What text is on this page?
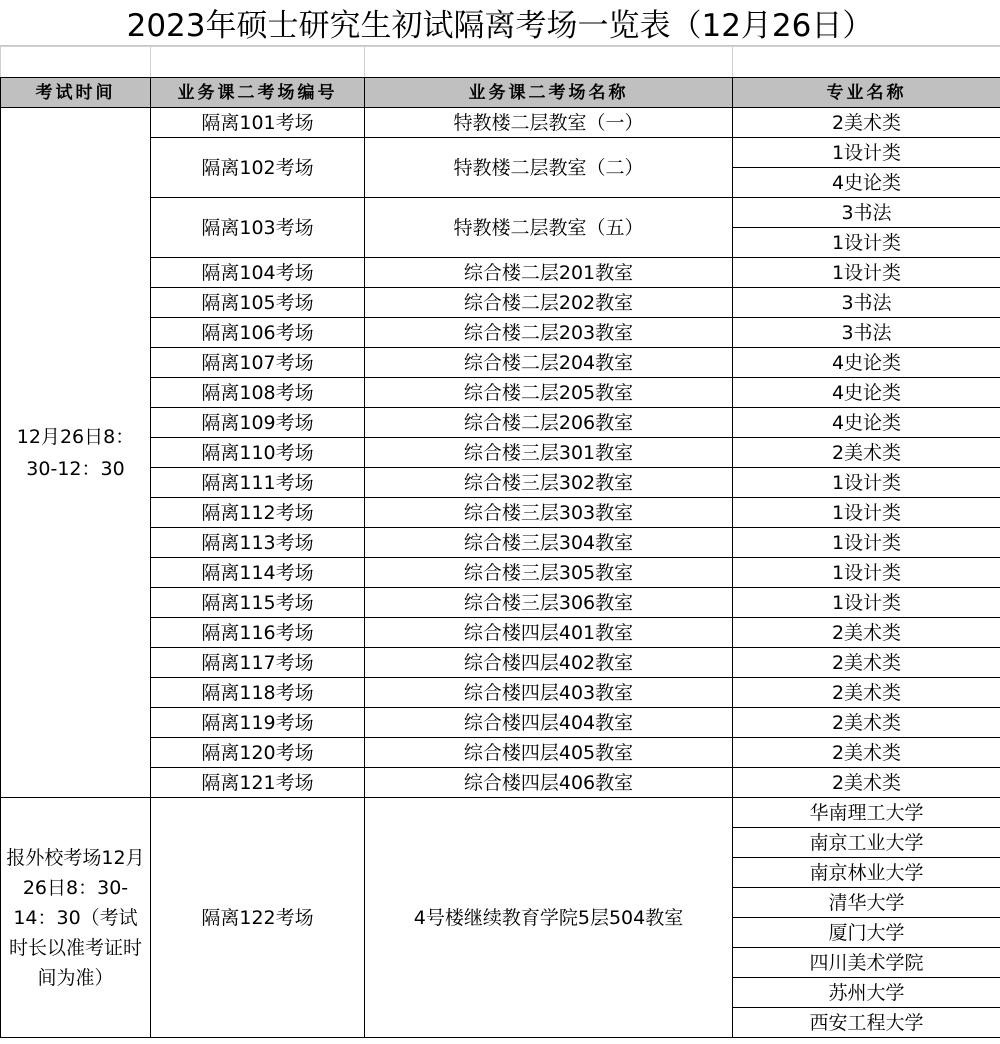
2023年硕士研究生初试隔离考场一览表（12月26日）

考试时间	业务课二考场编号	业务课二考场名称	专业名称
12月26日8：30-12：30	隔离101考场	特教楼二层教室（一）	2美术类
	隔离102考场	特教楼二层教室（二）	1设计类
			4史论类
	隔离103考场	特教楼二层教室（五）	3书法
			1设计类
	隔离104考场	综合楼二层201教室	1设计类
	隔离105考场	综合楼二层202教室	3书法
	隔离106考场	综合楼二层203教室	3书法
	隔离107考场	综合楼二层204教室	4史论类
	隔离108考场	综合楼二层205教室	4史论类
	隔离109考场	综合楼二层206教室	4史论类
	隔离110考场	综合楼三层301教室	2美术类
	隔离111考场	综合楼三层302教室	1设计类
	隔离112考场	综合楼三层303教室	1设计类
	隔离113考场	综合楼三层304教室	1设计类
	隔离114考场	综合楼三层305教室	1设计类
	隔离115考场	综合楼三层306教室	1设计类
	隔离116考场	综合楼四层401教室	2美术类
	隔离117考场	综合楼四层402教室	2美术类
	隔离118考场	综合楼四层403教室	2美术类
	隔离119考场	综合楼四层404教室	2美术类
	隔离120考场	综合楼四层405教室	2美术类
	隔离121考场	综合楼四层406教室	2美术类
报外校考场12月26日8：30-14：30（考试时长以准考证时间为准）	隔离122考场	4号楼继续教育学院5层504教室	华南理工大学
			南京工业大学
			南京林业大学
			清华大学
			厦门大学
			四川美术学院
			苏州大学
			西安工程大学
